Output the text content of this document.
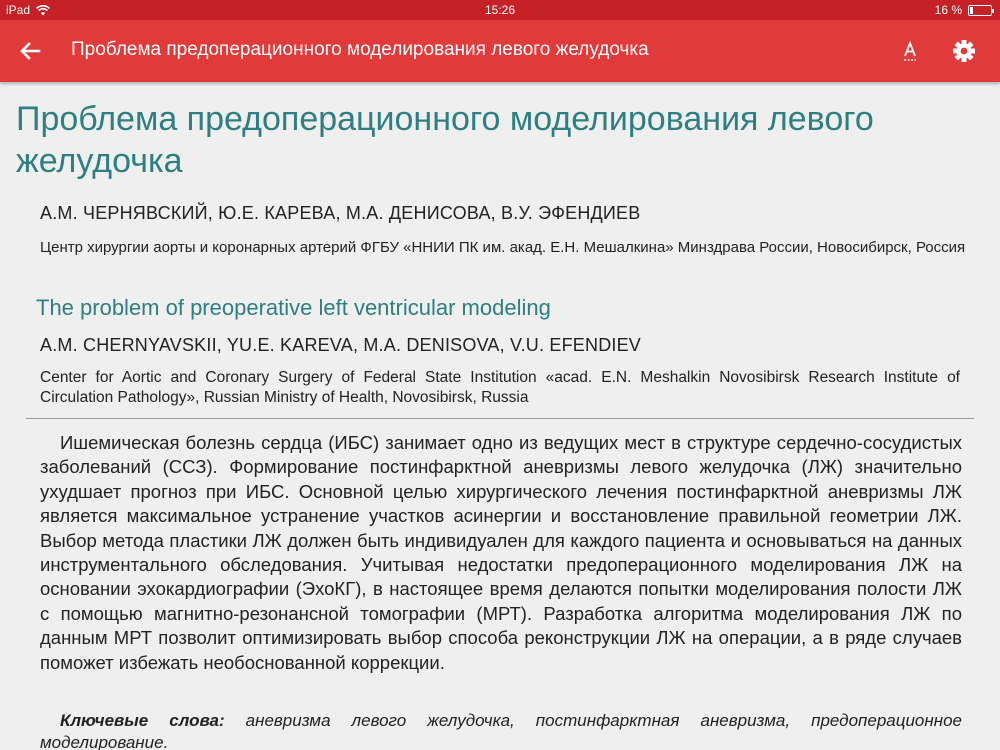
iPad	15:26	16 %
Проблема предоперационного моделирования левого желудочка
Проблема предоперационного моделирования левого желудочка
А.М. ЧЕРНЯВСКИЙ, Ю.Е. КАРЕВА, М.А. ДЕНИСОВА, В.У. ЭФЕНДИЕВ
Центр хирургии аорты и коронарных артерий ФГБУ «ННИИ ПК им. акад. Е.Н. Мешалкина» Минздрава России, Новосибирск, Россия
The problem of preoperative left ventricular modeling
A.M. CHERNYAVSKII, YU.E. KAREVA, M.A. DENISOVA, V.U. EFENDIEV
Center for Aortic and Coronary Surgery of Federal State Institution «acad. E.N. Meshalkin Novosibirsk Research Institute of Circulation Pathology», Russian Ministry of Health, Novosibirsk, Russia

Ишемическая болезнь сердца (ИБС) занимает одно из ведущих мест в структуре сердечно-сосудистых заболеваний (ССЗ). Формирование постинфарктной аневризмы левого желудочка (ЛЖ) значительно ухудшает прогноз при ИБС. Основной целью хирургического лечения постинфарктной аневризмы ЛЖ является максимальное устранение участков асинергии и восстановление правильной геометрии ЛЖ. Выбор метода пластики ЛЖ должен быть индивидуален для каждого пациента и основываться на данных инструментального обследования. Учитывая недостатки предоперационного моделирования ЛЖ на основании эхокардиографии (ЭхоКГ), в настоящее время делаются попытки моделирования полости ЛЖ с помощью магнитно-резонансной томографии (МРТ). Разработка алгоритма моделирования ЛЖ по данным МРТ позволит оптимизировать выбор способа реконструкции ЛЖ на операции, а в ряде случаев поможет избежать необоснованной коррекции.

Ключевые слова: аневризма левого желудочка, постинфарктная аневризма, предоперационное моделирование.
